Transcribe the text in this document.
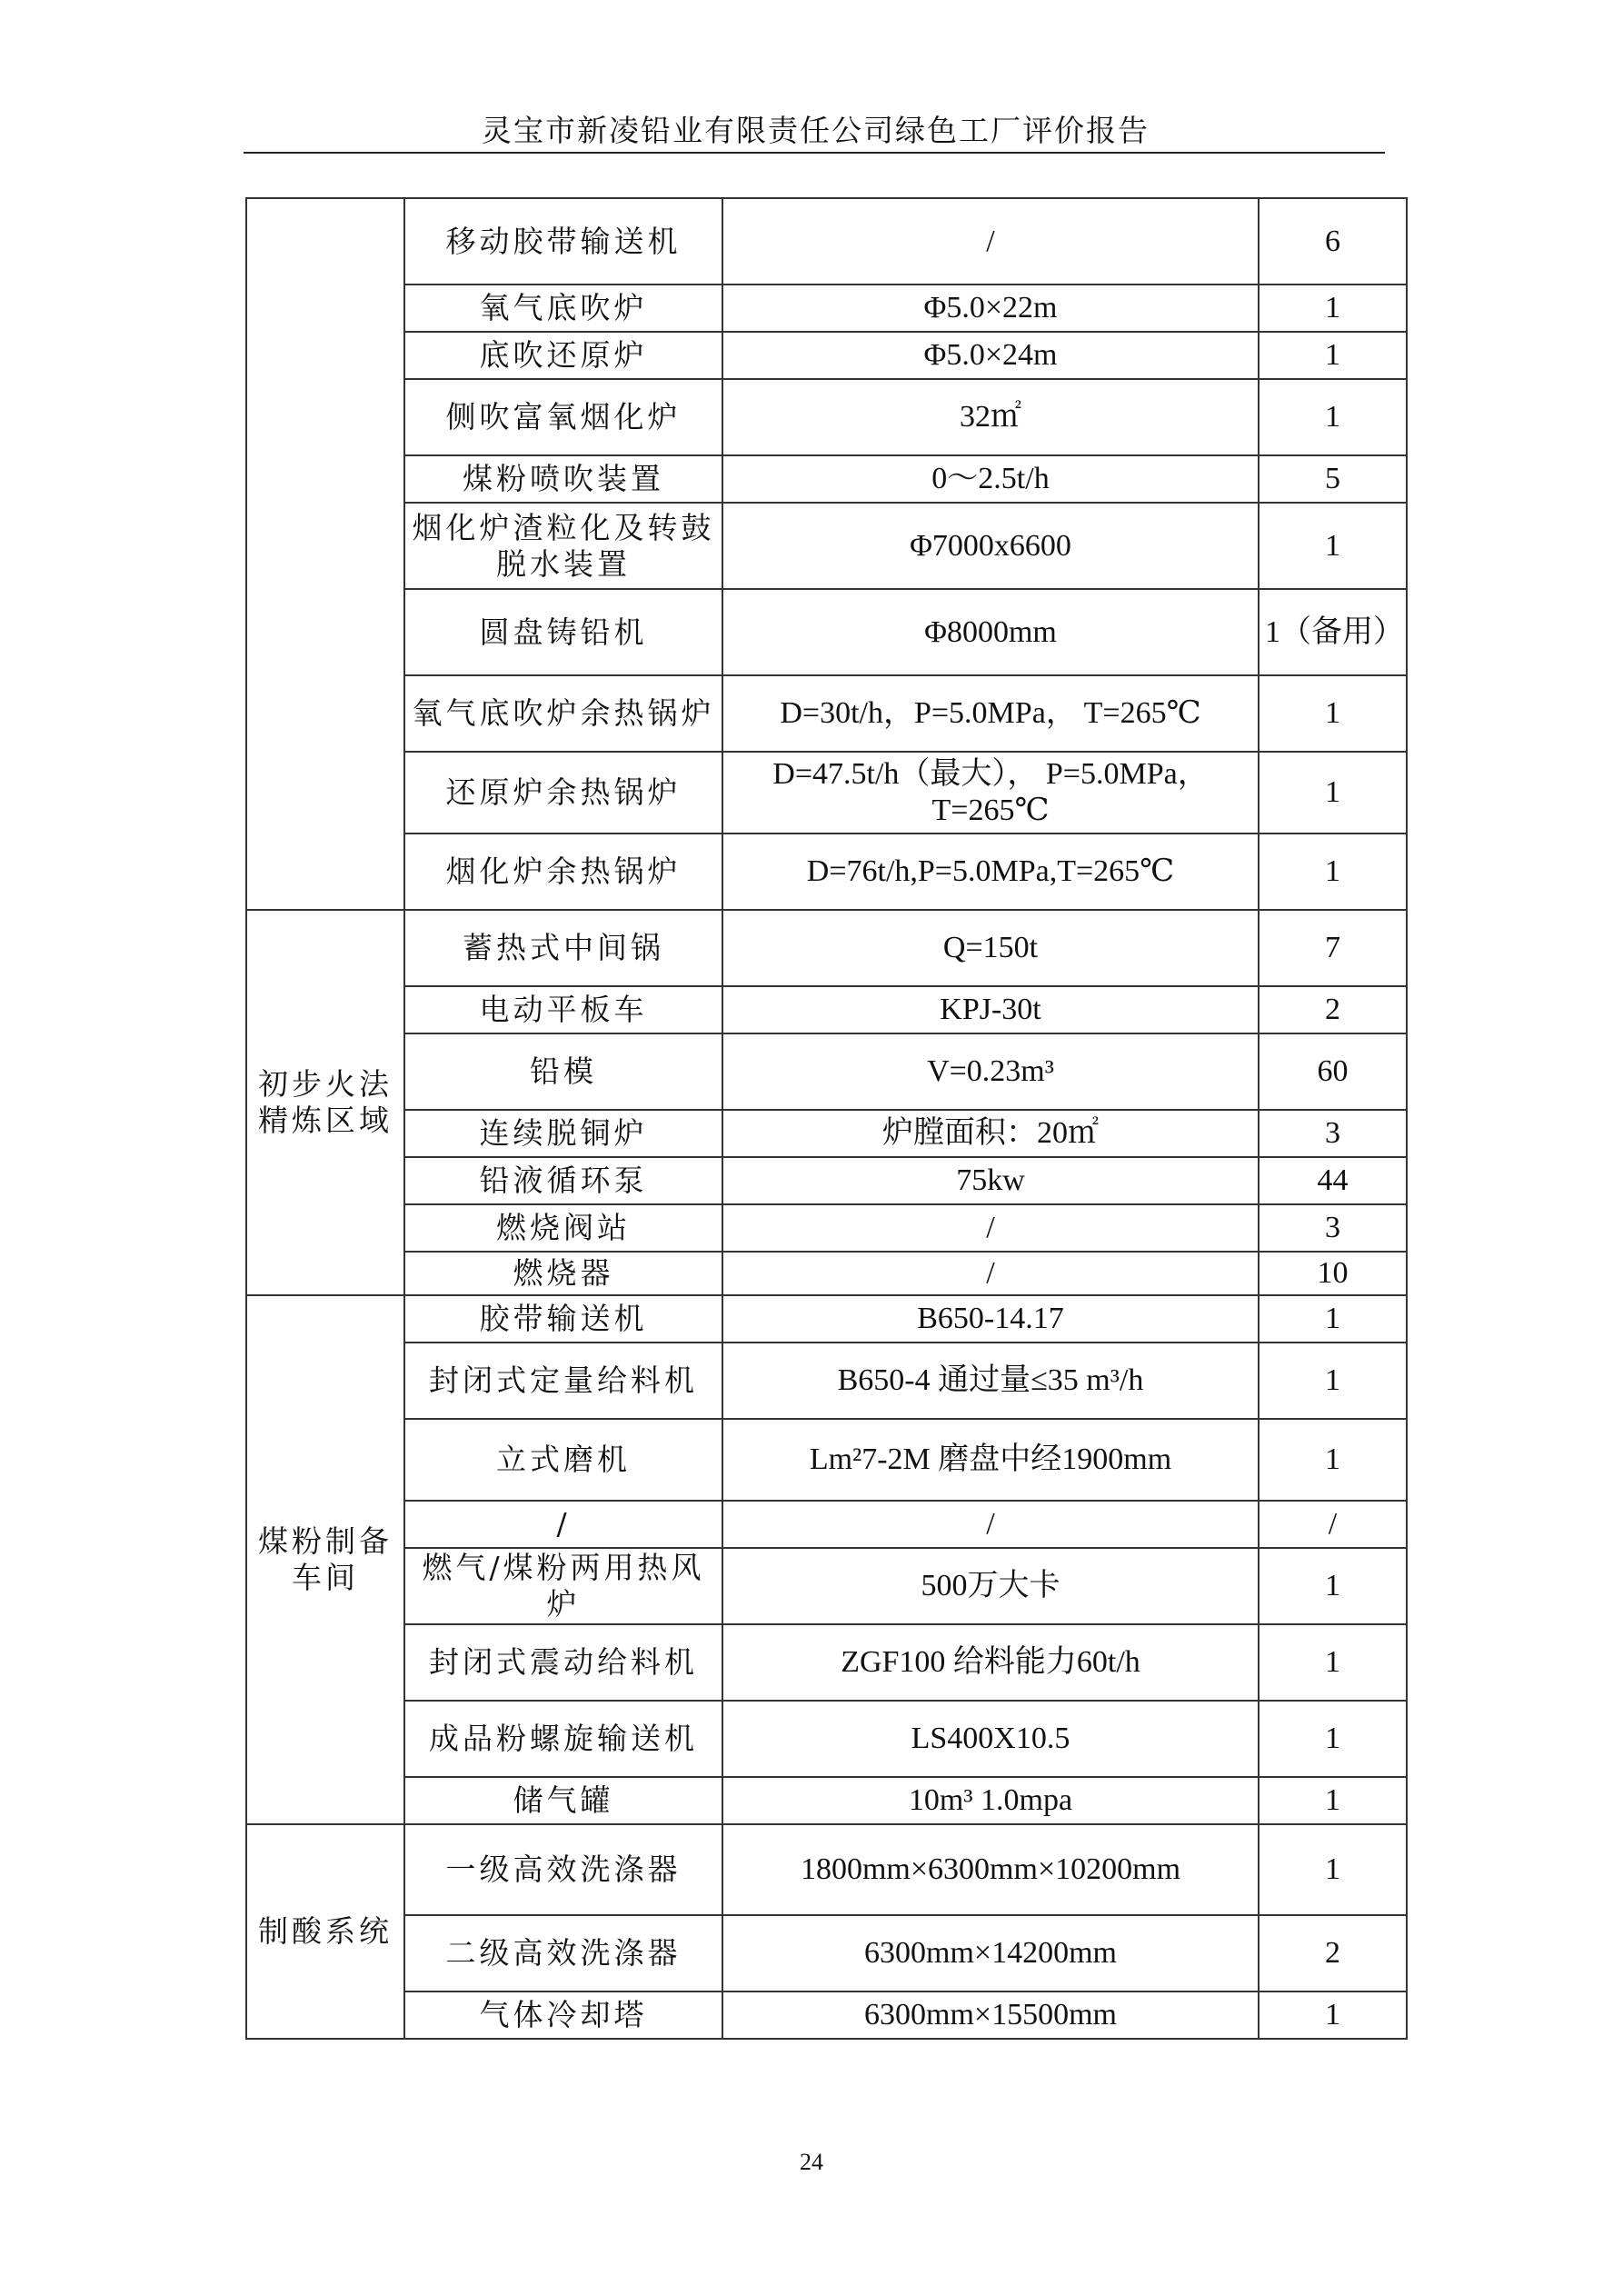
灵宝市新凌铅业有限责任公司绿色工厂评价报告
	移动胶带输送机	/	6
	氧气底吹炉	Φ5.0×22m	1
	底吹还原炉	Φ5.0×24m	1
	侧吹富氧烟化炉	32㎡	1
	煤粉喷吹装置	0～2.5t/h	5
	烟化炉渣粒化及转鼓脱水装置	Φ7000x6600	1
	圆盘铸铅机	Φ8000mm	1（备用）
	氧气底吹炉余热锅炉	D=30t/h，P=5.0MPa， T=265℃	1
	还原炉余热锅炉	D=47.5t/h（最大）， P=5.0MPa，T=265℃	1
	烟化炉余热锅炉	D=76t/h,P=5.0MPa,T=265℃	1
初步火法精炼区域	蓄热式中间锅	Q=150t	7
	电动平板车	KPJ-30t	2
	铅模	V=0.23m³	60
	连续脱铜炉	炉膛面积：20㎡	3
	铅液循环泵	75kw	44
	燃烧阀站	/	3
	燃烧器	/	10
煤粉制备车间	胶带输送机	B650-14.17	1
	封闭式定量给料机	B650-4 通过量≤35 m³/h	1
	立式磨机	Lm²7-2M 磨盘中经1900mm	1
	/	/	/
	燃气/煤粉两用热风炉	500万大卡	1
	封闭式震动给料机	ZGF100 给料能力60t/h	1
	成品粉螺旋输送机	LS400X10.5	1
	储气罐	10m³ 1.0mpa	1
制酸系统	一级高效洗涤器	1800mm×6300mm×10200mm	1
	二级高效洗涤器	6300mm×14200mm	2
	气体冷却塔	6300mm×15500mm	1
24
